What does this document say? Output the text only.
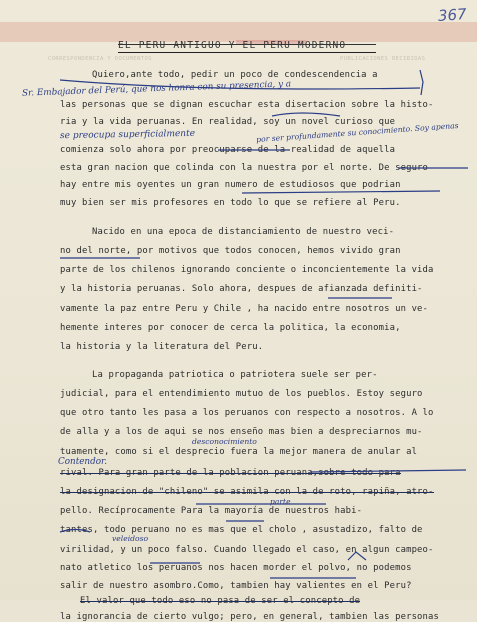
CORRESPONDENCIA Y DOCUMENTOS	PUBLICACIONES RECIBIDAS
367
EL PERU ANTIGUO Y EL PERU MODERNO
Quiero,ante todo, pedir un poco de condescendencia a
las personas que se dignan escuchar esta disertacion sobre la histo-
ria y la vida peruanas. En realidad, soy un novel curioso que
comienza solo ahora por preocuparse de la realidad de aquella
esta gran nacion que colinda con la nuestra por el norte. De seguro
hay entre mis oyentes un gran numero de estudiosos que podrian
muy bien ser mis profesores en todo lo que se refiere al Peru.
Nacido en una epoca de distanciamiento de nuestro veci-
no del norte, por motivos que todos conocen, hemos vivido gran
parte de los chilenos ignorando conciente o inconcientemente la vida
y la historia peruanas. Solo ahora, despues de afianzada definiti-
vamente la paz entre Peru y Chile , ha nacido entre nosotros un ve-
hemente interes por conocer de cerca la politica, la economia,
la historia y la literatura del Peru.
La propaganda patriotica o patriotera suele ser per-
judicial, para el entendimiento mutuo de los pueblos. Estoy seguro
que otro tanto les pasa a los peruanos con respecto a nosotros. A lo
de alla y a los de aqui se nos enseño mas bien a despreciarnos mu-
tuamente, como si el desprecio fuera la mejor manera de anular al
rival. Para gran parte de la poblacion peruana,sobre todo para
la designacion de "chileno" se asimila con la de roto, rapiña, atro-
pello. Recíprocamente Para la mayoría de nuestros habi-
tantes, todo peruano no es mas que el cholo , asustadizo, falto de
virilidad, y un poco falso. Cuando llegado el caso, en algun campeo-
nato atletico los peruanos nos hacen morder el polvo, no podemos
salir de nuestro asombro.Como, tambien hay valientes en el Peru?
El valor que todo eso no pasa de ser el concepto de
la ignorancia de cierto vulgo; pero, en general, tambien las personas
Sr. Embajador del Perú, que nos honra con su presencia, y a
por ser profundamente su conocimiento. Soy apenas
se preocupa superficialmente
desconocimiento
Contendor.
parte
veleidoso
